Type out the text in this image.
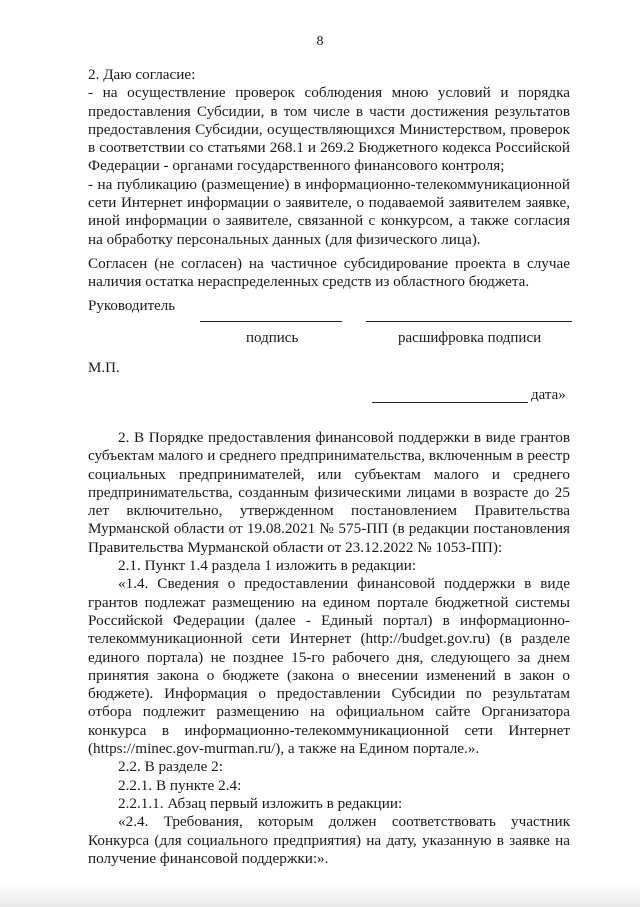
8
2. Даю согласие:
- на осуществление проверок соблюдения мною условий и порядка предоставления Субсидии, в том числе в части достижения результатов предоставления Субсидии, осуществляющихся Министерством, проверок в соответствии со статьями 268.1 и 269.2 Бюджетного кодекса Российской Федерации - органами государственного финансового контроля;
- на публикацию (размещение) в информационно-телекоммуникационной сети Интернет информации о заявителе, о подаваемой заявителем заявке, иной информации о заявителе, связанной с конкурсом, а также согласия на обработку персональных данных (для физического лица).
Согласен (не согласен) на частичное субсидирование проекта в случае наличия остатка нераспределенных средств из областного бюджета.
Руководитель
подпись	расшифровка подписи
М.П.
дата»
2. В Порядке предоставления финансовой поддержки в виде грантов субъектам малого и среднего предпринимательства, включенным в реестр социальных предпринимателей, или субъектам малого и среднего предпринимательства, созданным физическими лицами в возрасте до 25 лет включительно, утвержденном постановлением Правительства Мурманской области от 19.08.2021 № 575-ПП (в редакции постановления Правительства Мурманской области от 23.12.2022 № 1053-ПП):
2.1. Пункт 1.4 раздела 1 изложить в редакции:
«1.4. Сведения о предоставлении финансовой поддержки в виде грантов подлежат размещению на едином портале бюджетной системы Российской Федерации (далее - Единый портал) в информационно-телекоммуникационной сети Интернет (http://budget.gov.ru) (в разделе единого портала) не позднее 15-го рабочего дня, следующего за днем принятия закона о бюджете (закона о внесении изменений в закон о бюджете). Информация о предоставлении Субсидии по результатам отбора подлежит размещению на официальном сайте Организатора конкурса в информационно-телекоммуникационной сети Интернет (https://minec.gov-murman.ru/), а также на Едином портале.».
2.2. В разделе 2:
2.2.1. В пункте 2.4:
2.2.1.1. Абзац первый изложить в редакции:
«2.4. Требования, которым должен соответствовать участник Конкурса (для социального предприятия) на дату, указанную в заявке на получение финансовой поддержки:».
